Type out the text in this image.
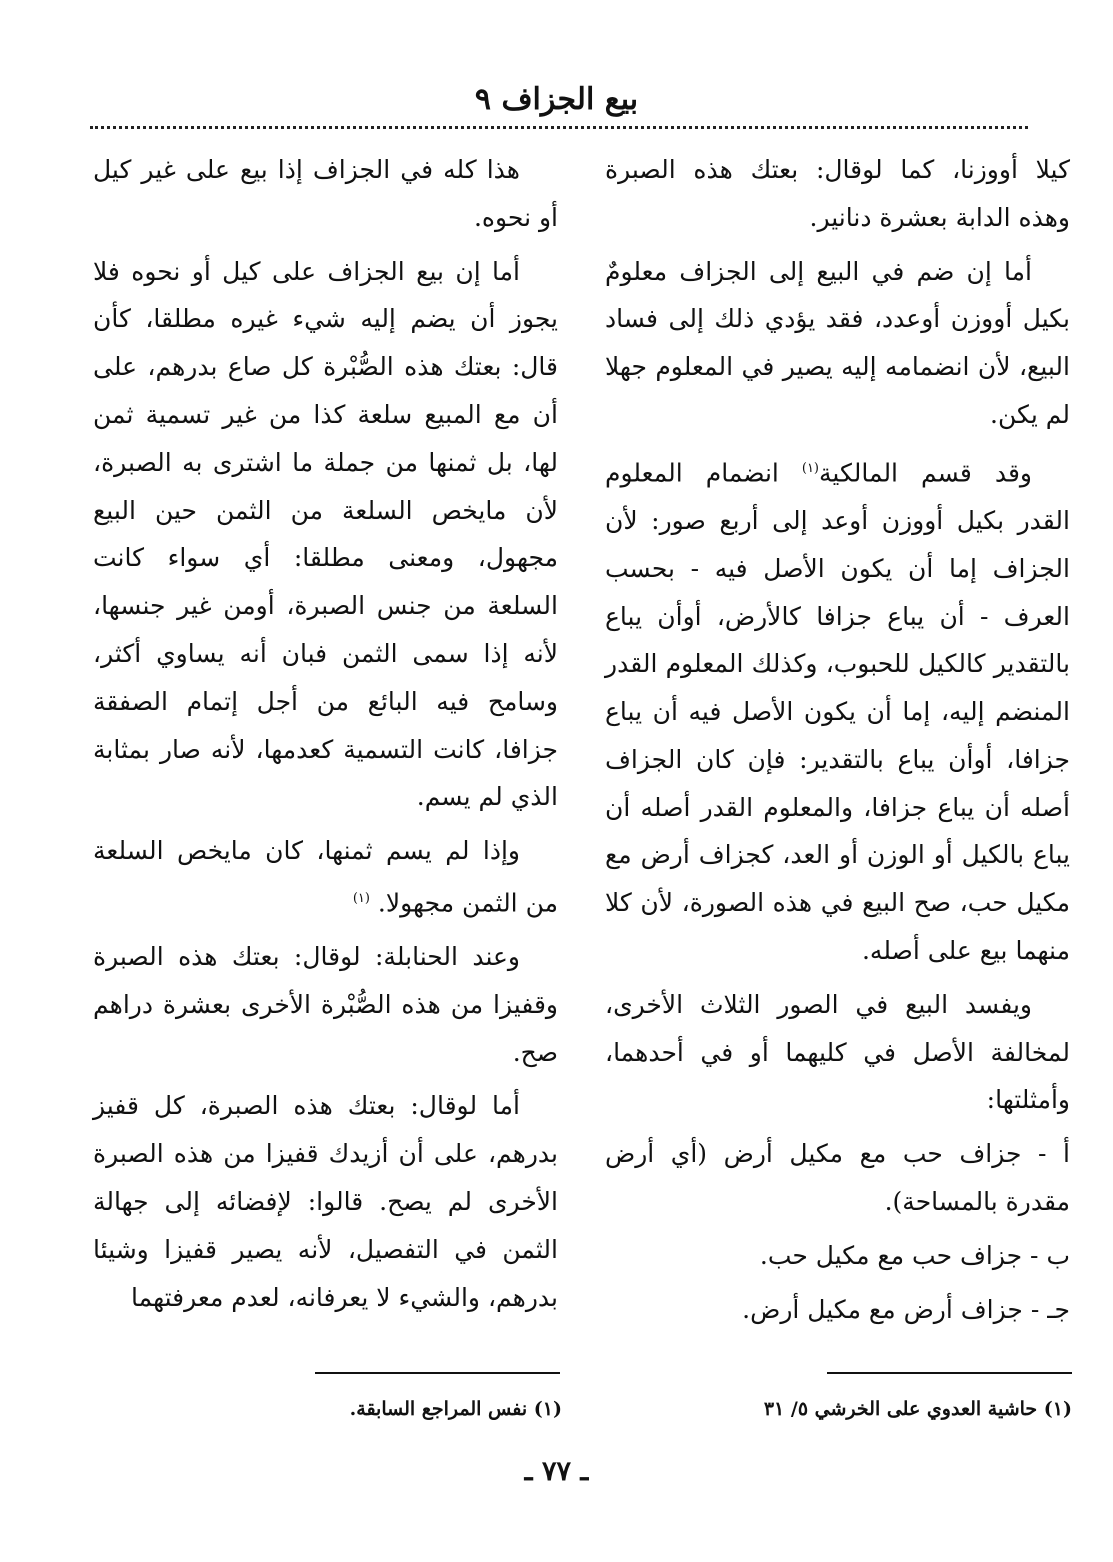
بيع الجزاف ٩

كيلا أووزنا، كما لوقال: بعتك هذه الصبرة وهذه الدابة بعشرة دنانير.

أما إن ضم في البيع إلى الجزاف معلومٌ بكيل أووزن أوعدد، فقد يؤدي ذلك إلى فساد البيع، لأن انضمامه إليه يصير في المعلوم جهلا لم يكن.

وقد قسم المالكية$^{(١)}$ انضمام المعلوم القدر بكيل أووزن أوعد إلى أربع صور: لأن الجزاف إما أن يكون الأصل فيه - بحسب العرف - أن يباع جزافا كالأرض، أوأن يباع بالتقدير كالكيل للحبوب، وكذلك المعلوم القدر المنضم إليه، إما أن يكون الأصل فيه أن يباع جزافا، أوأن يباع بالتقدير: فإن كان الجزاف أصله أن يباع جزافا، والمعلوم القدر أصله أن يباع بالكيل أو الوزن أو العد، كجزاف أرض مع مكيل حب، صح البيع في هذه الصورة، لأن كلا منهما بيع على أصله.

ويفسد البيع في الصور الثلاث الأخرى، لمخالفة الأصل في كليهما أو في أحدهما، وأمثلتها:

أ - جزاف حب مع مكيل أرض (أي أرض مقدرة بالمساحة).

ب - جزاف حب مع مكيل حب.

جـ - جزاف أرض مع مكيل أرض.

هذا كله في الجزاف إذا بيع على غير كيل أو نحوه.

أما إن بيع الجزاف على كيل أو نحوه فلا يجوز أن يضم إليه شيء غيره مطلقا، كأن قال: بعتك هذه الصُّبْرة كل صاع بدرهم، على أن مع المبيع سلعة كذا من غير تسمية ثمن لها، بل ثمنها من جملة ما اشترى به الصبرة، لأن مايخص السلعة من الثمن حين البيع مجهول، ومعنى مطلقا: أي سواء كانت السلعة من جنس الصبرة، أومن غير جنسها، لأنه إذا سمى الثمن فبان أنه يساوي أكثر، وسامح فيه البائع من أجل إتمام الصفقة جزافا، كانت التسمية كعدمها، لأنه صار بمثابة الذي لم يسم.

وإذا لم يسم ثمنها، كان مايخص السلعة من الثمن مجهولا. $^{(١)}$

وعند الحنابلة: لوقال: بعتك هذه الصبرة وقفيزا من هذه الصُّبْرة الأخرى بعشرة دراهم صح.

أما لوقال: بعتك هذه الصبرة، كل قفيز بدرهم، على أن أزيدك قفيزا من هذه الصبرة الأخرى لم يصح. قالوا: لإفضائه إلى جهالة الثمن في التفصيل، لأنه يصير قفيزا وشيئا بدرهم، والشيء لا يعرفانه، لعدم معرفتهما

(١) حاشية العدوي على الخرشي ٥/ ٣١
(١) نفس المراجع السابقة.
ـ ٧٧ ـ
